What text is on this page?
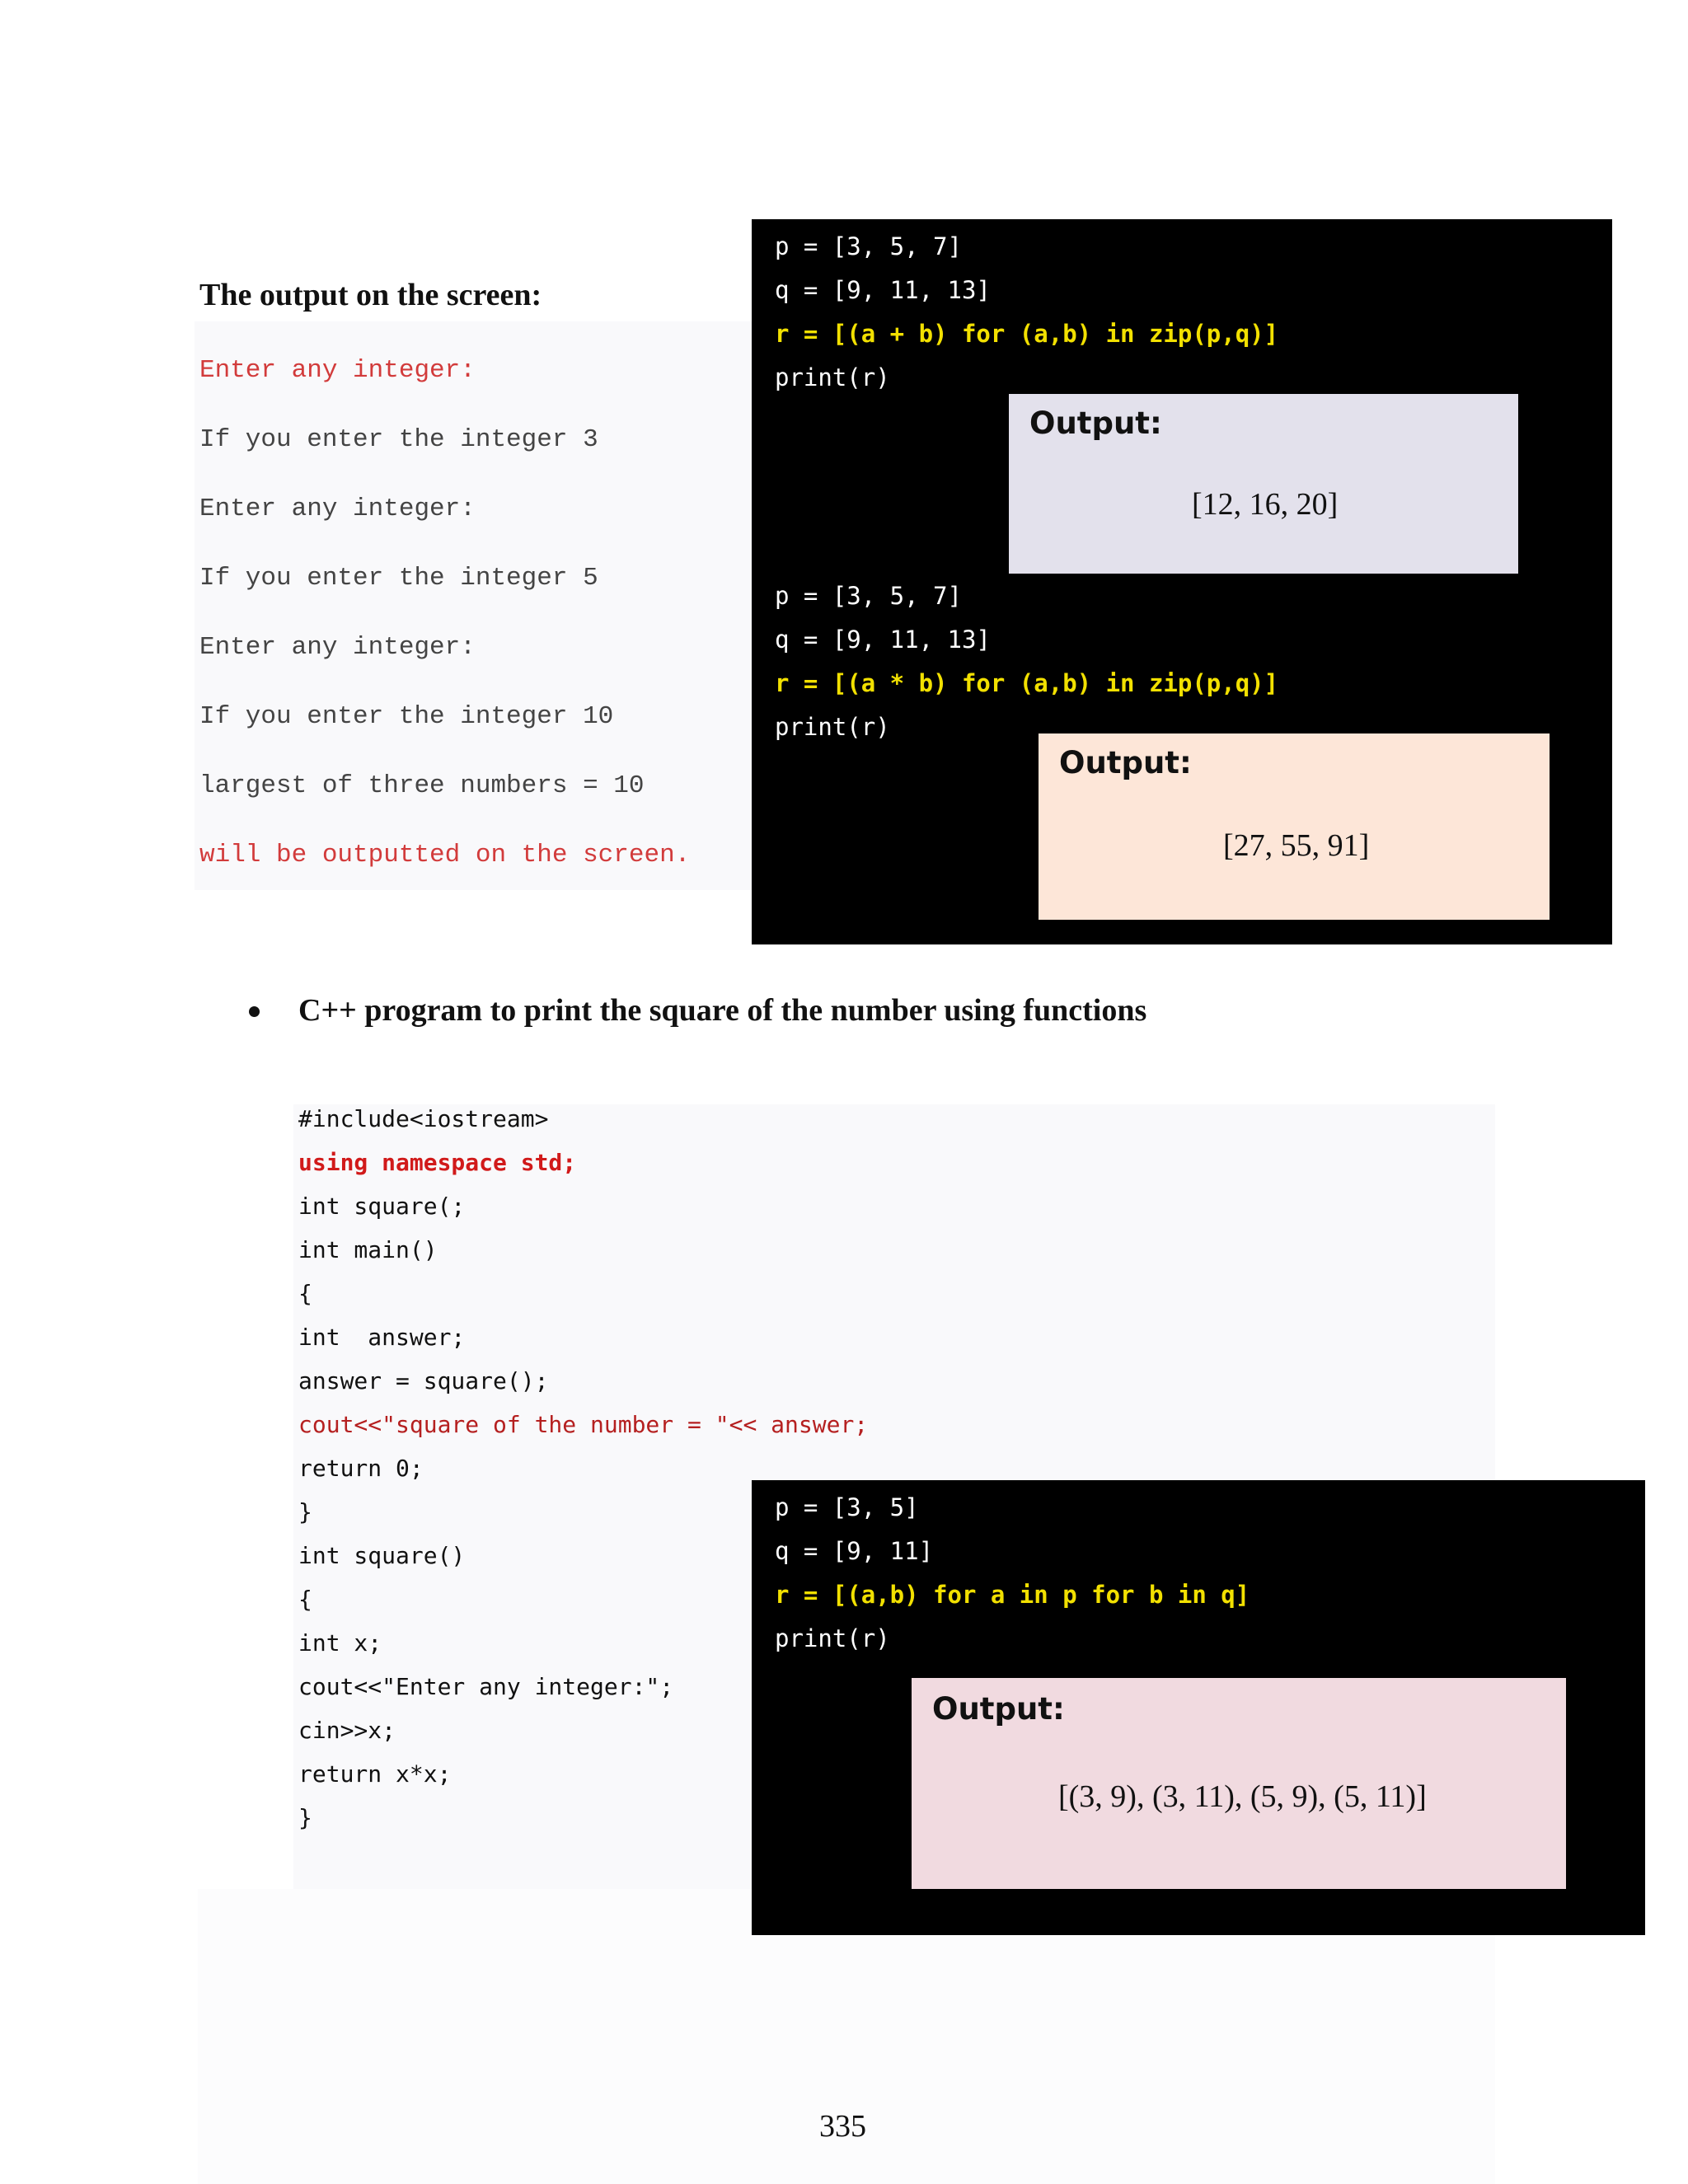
The output on the screen:
Enter any integer:
If you enter the integer 3
Enter any integer:
If you enter the integer 5
Enter any integer:
If you enter the integer 10
largest of three numbers = 10
will be outputted on the screen.
p = [3, 5, 7]
q = [9, 11, 13]
r = [(a + b) for (a,b) in zip(p,q)]
print(r)
Output:
[12, 16, 20]
p = [3, 5, 7]
q = [9, 11, 13]
r = [(a * b) for (a,b) in zip(p,q)]
print(r)
Output:
[27, 55, 91]
C++ program to print the square of the number using functions
#include<iostream>
using namespace std;
int square(;
int main()
{
int  answer;
answer = square();
cout<<"square of the number = "<< answer;
return 0;
}
int square()
{
int x;
cout<<"Enter any integer:";
cin>>x;
return x*x;
}
p = [3, 5]
q = [9, 11]
r = [(a,b) for a in p for b in q]
print(r)
Output:
[(3, 9), (3, 11), (5, 9), (5, 11)]
335
